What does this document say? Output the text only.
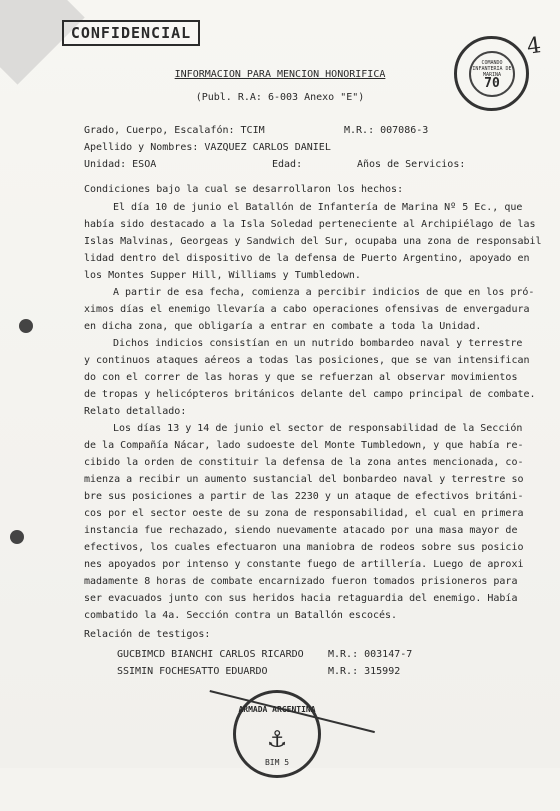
CONFIDENCIAL
COMANDO INFANTERIA DE MARINA
70
4
INFORMACION PARA MENCION HONORIFICA
(Publ. R.A: 6-003 Anexo "E")
Grado, Cuerpo, Escalafón: TCIM	M.R.: 007086-3
Apellido y Nombres: VAZQUEZ CARLOS DANIEL
Unidad: ESOA	Edad:	Años de Servicios:
Condiciones bajo la cual se desarrollaron los hechos:
El día 10 de junio el Batallón de Infantería de Marina Nº 5 Ec., que
había sido destacado a la Isla Soledad perteneciente al Archipiélago de las
Islas Malvinas, Georgeas y Sandwich del Sur, ocupaba una zona de responsabil
lidad dentro del dispositivo de la defensa de Puerto Argentino, apoyado en
los Montes Supper Hill, Williams y Tumbledown.
A partir de esa fecha, comienza a percibir indicios de que en los pró-
ximos días el enemigo llevaría a cabo operaciones ofensivas de envergadura
en dicha zona, que obligaría a entrar en combate a toda la Unidad.
Dichos indicios consistían en un nutrido bombardeo naval y terrestre
y continuos ataques aéreos a todas las posiciones, que se van intensifican
do con el correr de las horas y que se refuerzan al observar movimientos
de tropas y helicópteros británicos delante del campo principal de combate.
Relato detallado:
Los días 13 y 14 de junio el sector de responsabilidad de la Sección
de la Compañía Nácar, lado sudoeste del Monte Tumbledown, y que había re-
cibido la orden de constituir la defensa de la zona antes mencionada, co-
mienza a recibir un aumento sustancial del bonbardeo naval y terrestre so
bre sus posiciones a partir de las 2230 y un ataque de efectivos británi-
cos por el sector oeste de su zona de responsabilidad, el cual en primera
instancia fue rechazado, siendo nuevamente atacado por una masa mayor de
efectivos, los cuales efectuaron una maniobra de rodeos sobre sus posicio
nes apoyados por intenso y constante fuego de artillería. Luego de aproxi
madamente 8 horas de combate encarnizado fueron tomados prisioneros para
ser evacuados junto con sus heridos hacia retaguardia del enemigo. Había
combatido la 4a. Sección contra un Batallón escocés.
Relación de testigos:
GUCBIMCD BIANCHI CARLOS RICARDO M.R.: 003147-7
SSIMIN FOCHESATTO EDUARDO	M.R.: 315992
ARMADA ARGENTINA
⚓
BIM 5
